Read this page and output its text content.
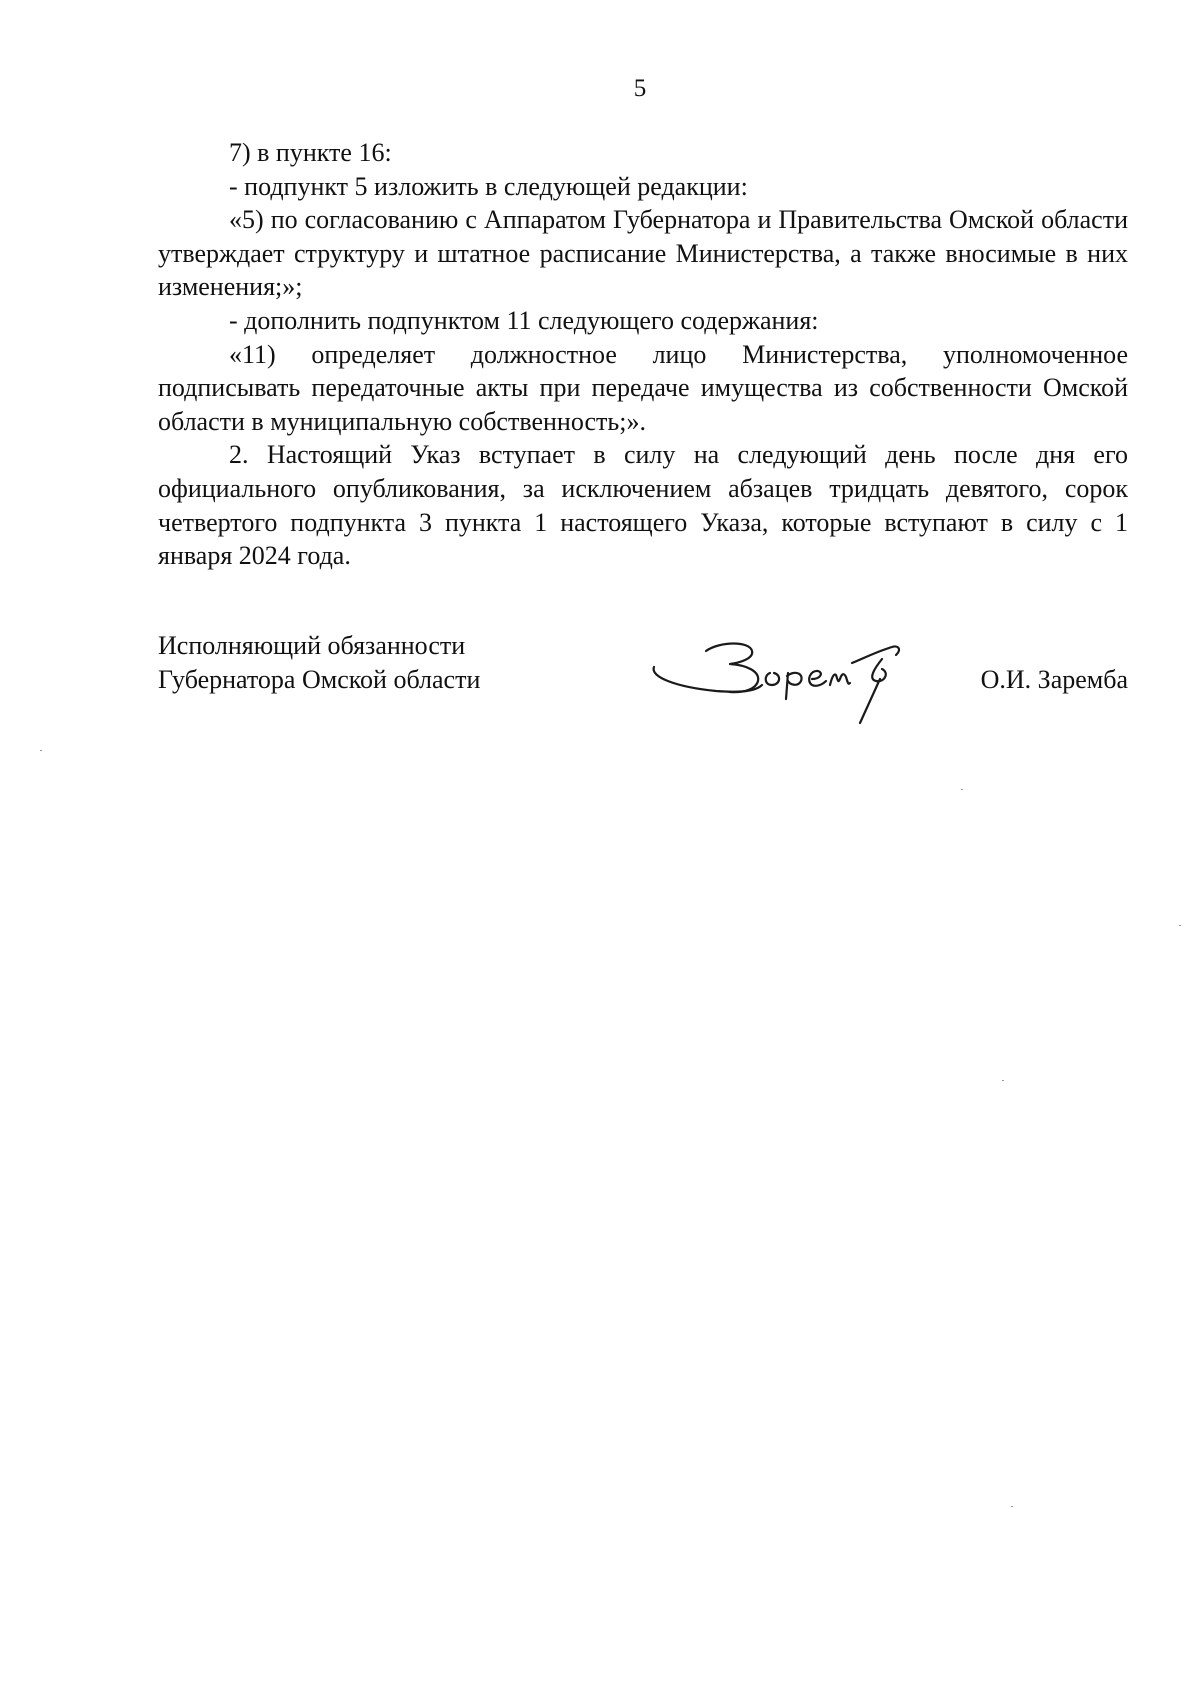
5

7) в пункте 16:

- подпункт 5 изложить в следующей редакции:

«5) по согласованию с Аппаратом Губернатора и Правительства Омской области утверждает структуру и штатное расписание Министерства, а также вносимые в них изменения;»;

- дополнить подпунктом 11 следующего содержания:

«11) определяет должностное лицо Министерства, уполномоченное подписывать передаточные акты при передаче имущества из собственности Омской области в муниципальную собственность;».

2. Настоящий Указ вступает в силу на следующий день после дня его официального опубликования, за исключением абзацев тридцать девятого, сорок четвертого подпункта 3 пункта 1 настоящего Указа, которые вступают в силу с 1 января 2024 года.

Исполняющий обязанности
Губернатора Омской области	О.И. Заремба
